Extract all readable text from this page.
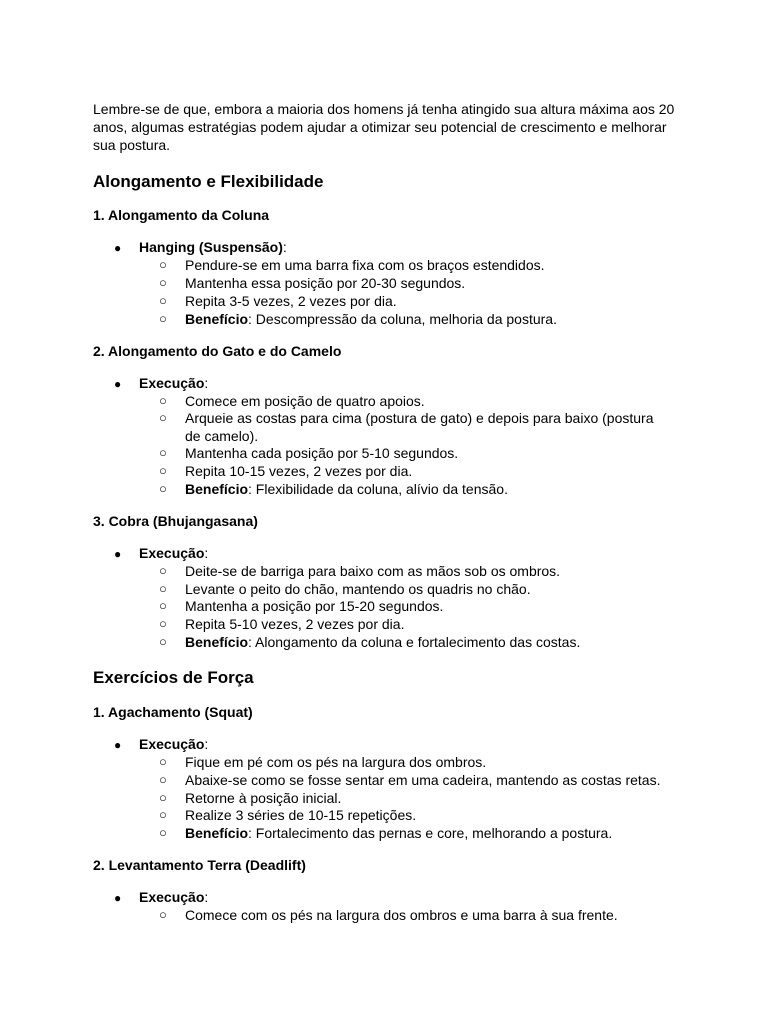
Lembre-se de que, embora a maioria dos homens já tenha atingido sua altura máxima aos 20 anos, algumas estratégias podem ajudar a otimizar seu potencial de crescimento e melhorar sua postura.

Alongamento e Flexibilidade
1. Alongamento da Coluna
● Hanging (Suspensão):
○ Pendure-se em uma barra fixa com os braços estendidos.
○ Mantenha essa posição por 20-30 segundos.
○ Repita 3-5 vezes, 2 vezes por dia.
○ Benefício: Descompressão da coluna, melhoria da postura.
2. Alongamento do Gato e do Camelo
● Execução:
○ Comece em posição de quatro apoios.
○ Arqueie as costas para cima (postura de gato) e depois para baixo (postura de camelo).
○ Mantenha cada posição por 5-10 segundos.
○ Repita 10-15 vezes, 2 vezes por dia.
○ Benefício: Flexibilidade da coluna, alívio da tensão.
3. Cobra (Bhujangasana)
● Execução:
○ Deite-se de barriga para baixo com as mãos sob os ombros.
○ Levante o peito do chão, mantendo os quadris no chão.
○ Mantenha a posição por 15-20 segundos.
○ Repita 5-10 vezes, 2 vezes por dia.
○ Benefício: Alongamento da coluna e fortalecimento das costas.
Exercícios de Força
1. Agachamento (Squat)
● Execução:
○ Fique em pé com os pés na largura dos ombros.
○ Abaixe-se como se fosse sentar em uma cadeira, mantendo as costas retas.
○ Retorne à posição inicial.
○ Realize 3 séries de 10-15 repetições.
○ Benefício: Fortalecimento das pernas e core, melhorando a postura.
2. Levantamento Terra (Deadlift)
● Execução:
○ Comece com os pés na largura dos ombros e uma barra à sua frente.
